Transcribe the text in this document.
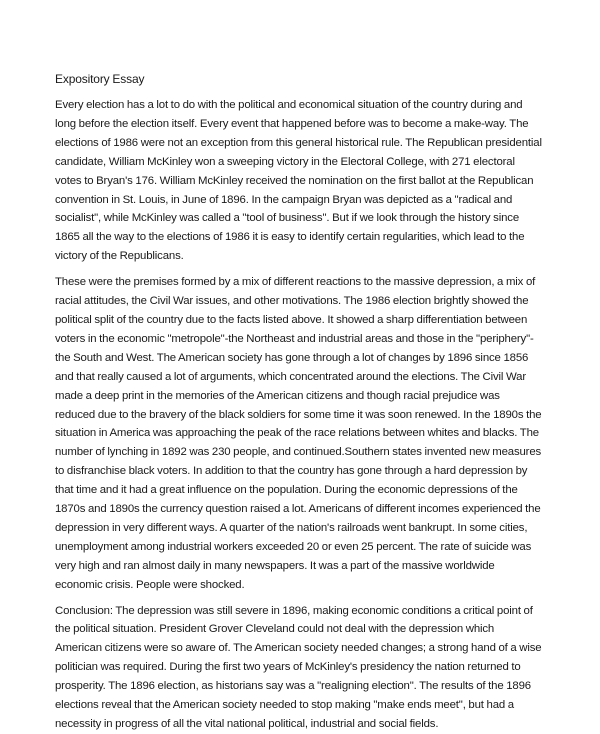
Expository Essay

Every election has a lot to do with the political and economical situation of the country during and long before the election itself. Every event that happened before was to become a make-way. The elections of 1986 were not an exception from this general historical rule. The Republican presidential candidate, William McKinley won a sweeping victory in the Electoral College, with 271 electoral votes to Bryan's 176. William McKinley received the nomination on the first ballot at the Republican convention in St. Louis, in June of 1896. In the campaign Bryan was depicted as a "radical and socialist", while McKinley was called a "tool of business". But if we look through the history since 1865 all the way to the elections of 1986 it is easy to identify certain regularities, which lead to the victory of the Republicans.

These were the premises formed by a mix of different reactions to the massive depression, a mix of racial attitudes, the Civil War issues, and other motivations. The 1986 election brightly showed the political split of the country due to the facts listed above. It showed a sharp differentiation between voters in the economic "metropole"-the Northeast and industrial areas and those in the "periphery"-the South and West. The American society has gone through a lot of changes by 1896 since 1856 and that really caused a lot of arguments, which concentrated around the elections. The Civil War made a deep print in the memories of the American citizens and though racial prejudice was reduced due to the bravery of the black soldiers for some time it was soon renewed. In the 1890s the situation in America was approaching the peak of the race relations between whites and blacks. The number of lynching in 1892 was 230 people, and continued.Southern states invented new measures to disfranchise black voters. In addition to that the country has gone through a hard depression by that time and it had a great influence on the population. During the economic depressions of the 1870s and 1890s the currency question raised a lot. Americans of different incomes experienced the depression in very different ways. A quarter of the nation's railroads went bankrupt. In some cities, unemployment among industrial workers exceeded 20 or even 25 percent. The rate of suicide was very high and ran almost daily in many newspapers. It was a part of the massive worldwide economic crisis. People were shocked.

Conclusion: The depression was still severe in 1896, making economic conditions a critical point of the political situation. President Grover Cleveland could not deal with the depression which American citizens were so aware of. The American society needed changes; a strong hand of a wise politician was required. During the first two years of McKinley's presidency the nation returned to prosperity. The 1896 election, as historians say was a "realigning election". The results of the 1896 elections reveal that the American society needed to stop making "make ends meet", but had a necessity in progress of all the vital national political, industrial and social fields.
